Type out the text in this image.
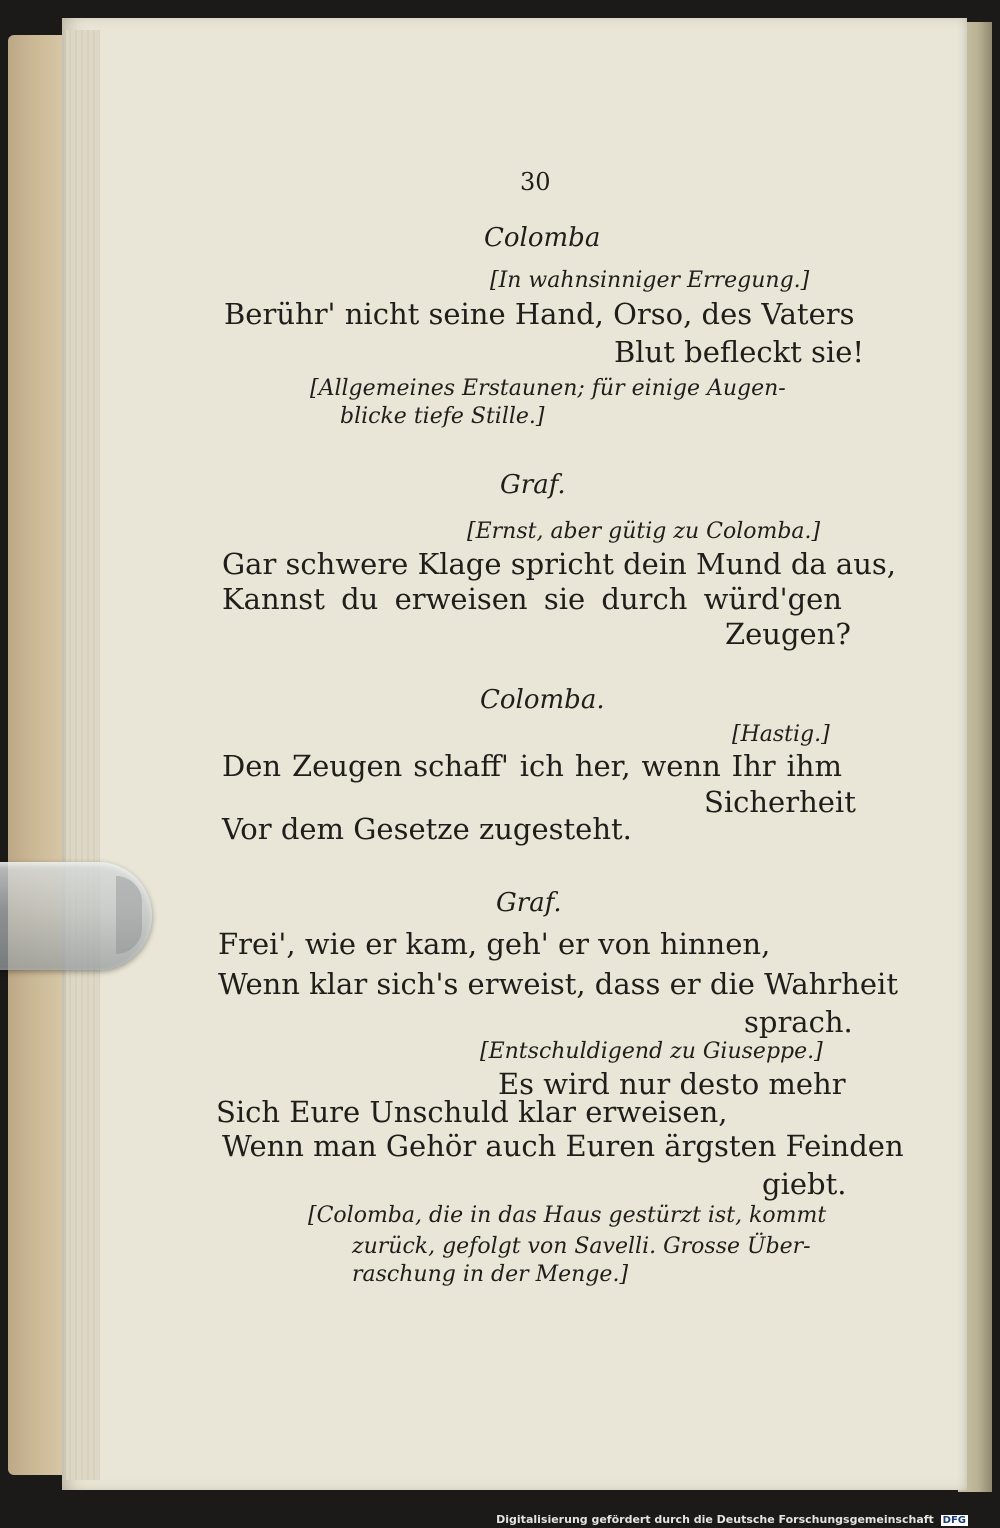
30

Colomba

[In wahnsinniger Erregung.]

Berühr' nicht seine Hand, Orso, des Vaters

Blut befleckt sie!

[Allgemeines Erstaunen; für einige Augen-

blicke tiefe Stille.]

Graf.

[Ernst, aber gütig zu Colomba.]

Gar schwere Klage spricht dein Mund da aus,

Kannst du erweisen sie durch würd'gen

Zeugen?

Colomba.

[Hastig.]

Den Zeugen schaff' ich her, wenn Ihr ihm

Sicherheit

Vor dem Gesetze zugesteht.

Graf.

Frei', wie er kam, geh' er von hinnen,

Wenn klar sich's erweist, dass er die Wahrheit

sprach.

[Entschuldigend zu Giuseppe.]

Es wird nur desto mehr

Sich Eure Unschuld klar erweisen,

Wenn man Gehör auch Euren ärgsten Feinden

giebt.

[Colomba, die in das Haus gestürzt ist, kommt

zurück, gefolgt von Savelli. Grosse Über-

raschung in der Menge.]

Digitalisierung gefördert durch die Deutsche Forschungsgemeinschaft DFG
